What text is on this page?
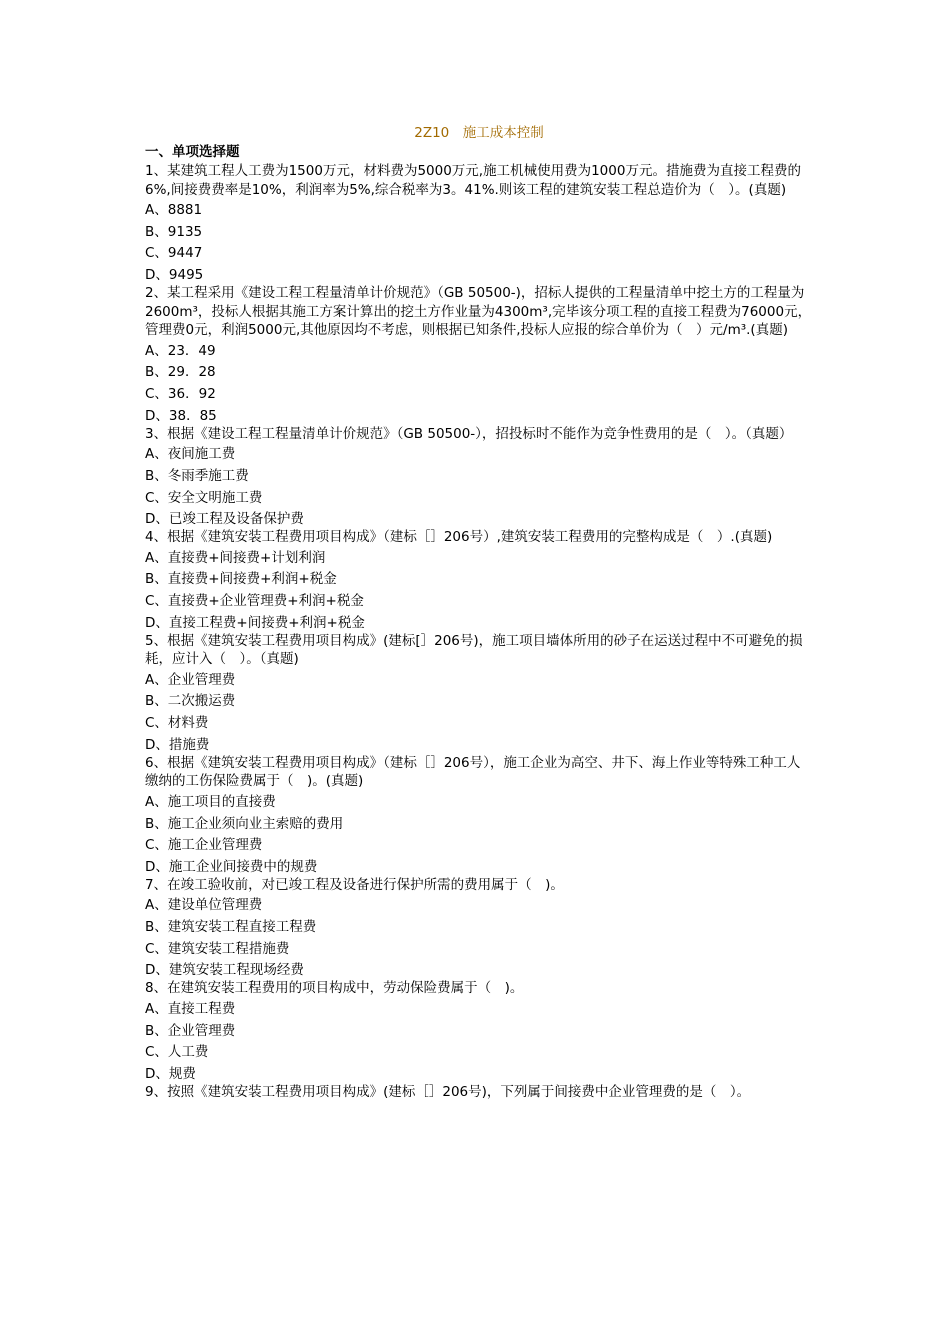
2Z10　施工成本控制
一、单项选择题
1、某建筑工程人工费为1500万元，材料费为5000万元,施工机械使用费为1000万元。措施费为直接工程费的6%,间接费费率是10%，利润率为5%,综合税率为3。41%.则该工程的建筑安装工程总造价为（　）。(真题)
A、8881
B、9135
C、9447
D、9495
2、某工程采用《建设工程工程量清单计价规范》（GB 50500-)，招标人提供的工程量清单中挖土方的工程量为2600m³，投标人根据其施工方案计算出的挖土方作业量为4300m³,完毕该分项工程的直接工程费为76000元，管理费0元，利润5000元,其他原因均不考虑，则根据已知条件,投标人应报的综合单价为（　）元/m³.(真题)
A、23．49
B、29．28
C、36．92
D、38．85
3、根据《建设工程工程量清单计价规范》（GB 50500-），招投标时不能作为竞争性费用的是（　）。（真题）
A、夜间施工费
B、冬雨季施工费
C、安全文明施工费
D、已竣工程及设备保护费
4、根据《建筑安装工程费用项目构成》（建标［］206号）,建筑安装工程费用的完整构成是（　）.(真题)
A、直接费+间接费+计划利润
B、直接费+间接费+利润+税金
C、直接费+企业管理费+利润+税金
D、直接工程费+间接费+利润+税金
5、根据《建筑安装工程费用项目构成》(建标[］206号)，施工项目墙体所用的砂子在运送过程中不可避免的损耗，应计入（　）。（真题)
A、企业管理费
B、二次搬运费
C、材料费
D、措施费
6、根据《建筑安装工程费用项目构成》（建标［］206号），施工企业为高空、井下、海上作业等特殊工种工人缴纳的工伤保险费属于（　)。(真题)
A、施工项目的直接费
B、施工企业须向业主索赔的费用
C、施工企业管理费
D、施工企业间接费中的规费
7、在竣工验收前，对已竣工程及设备进行保护所需的费用属于（　)。
A、建设单位管理费
B、建筑安装工程直接工程费
C、建筑安装工程措施费
D、建筑安装工程现场经费
8、在建筑安装工程费用的项目构成中，劳动保险费属于（　)。
A、直接工程费
B、企业管理费
C、人工费
D、规费
9、按照《建筑安装工程费用项目构成》(建标［］206号)，下列属于间接费中企业管理费的是（　）。
